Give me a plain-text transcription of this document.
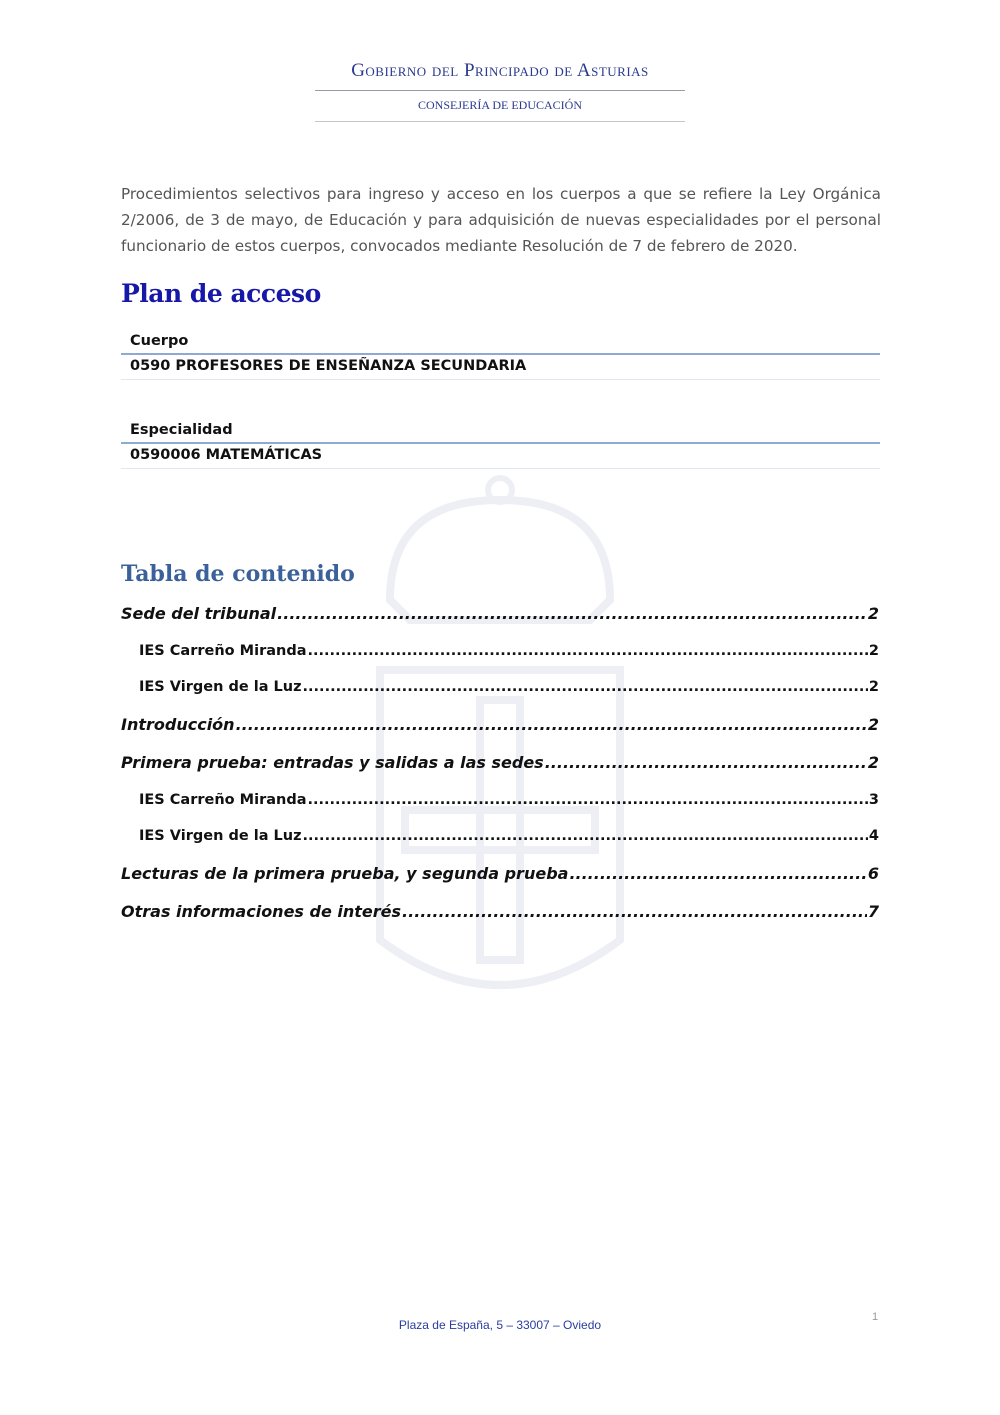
Gobierno del Principado de Asturias
CONSEJERÍA DE EDUCACIÓN
Procedimientos selectivos para ingreso y acceso en los cuerpos a que se refiere la Ley Orgánica 2/2006, de 3 de mayo, de Educación y para adquisición de nuevas especialidades por el personal funcionario de estos cuerpos, convocados mediante Resolución de 7 de febrero de 2020.
Plan de acceso
Cuerpo
0590 PROFESORES DE ENSEÑANZA SECUNDARIA
Especialidad
0590006 MATEMÁTICAS
Tabla de contenido
Sede del tribunal .....	2
IES Carreño Miranda .....	2
IES Virgen de la Luz .....	2
Introducción .....	2
Primera prueba: entradas y salidas a las sedes .....	2
IES Carreño Miranda .....	3
IES Virgen de la Luz .....	4
Lecturas de la primera prueba, y segunda prueba .....	6
Otras informaciones de interés .....	7
1
Plaza de España, 5 – 33007 – Oviedo
